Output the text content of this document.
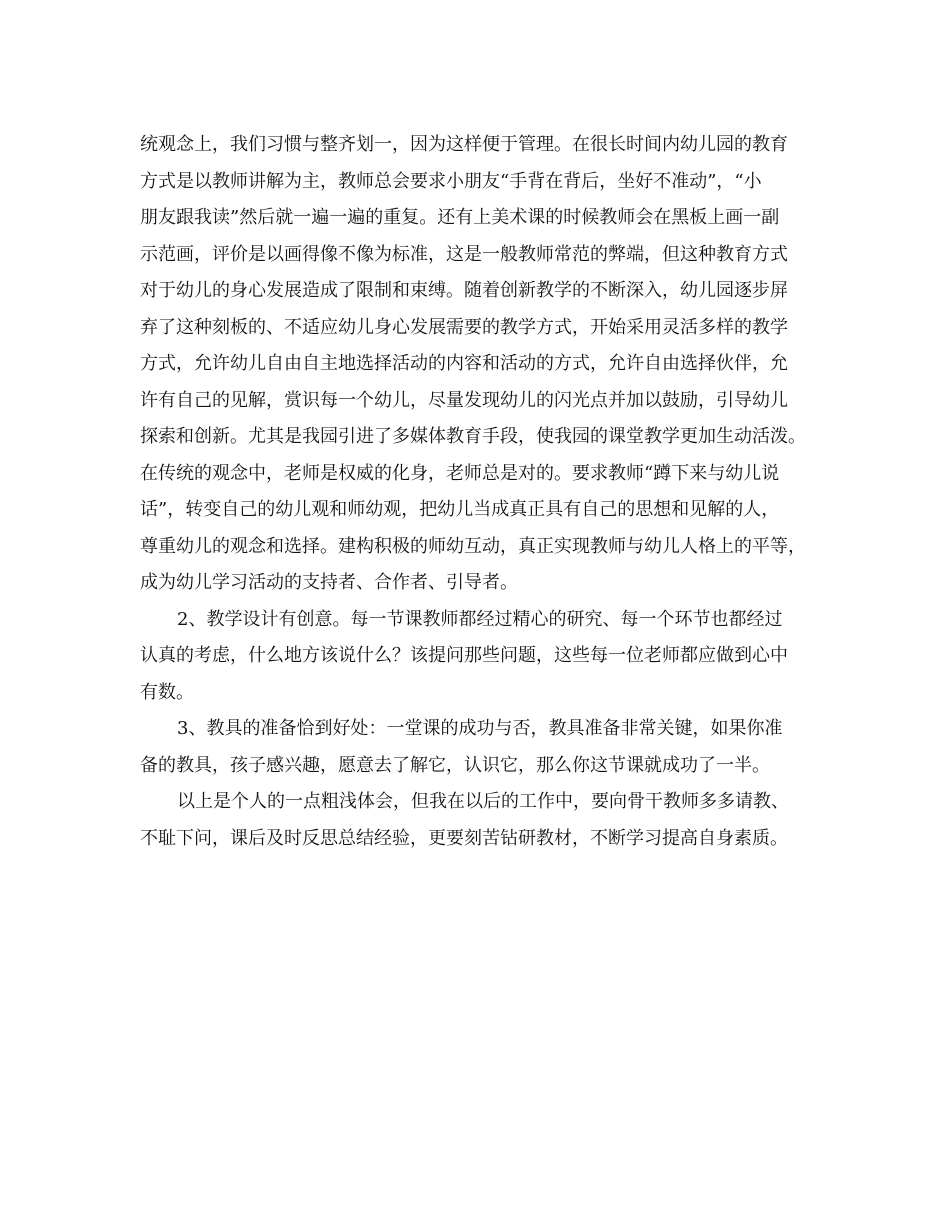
统观念上，我们习惯与整齐划一，因为这样便于管理。在很长时间内幼儿园的教育
方式是以教师讲解为主，教师总会要求小朋友“手背在背后，坐好不准动”，“小
朋友跟我读”然后就一遍一遍的重复。还有上美术课的时候教师会在黑板上画一副
示范画，评价是以画得像不像为标准，这是一般教师常范的弊端，但这种教育方式
对于幼儿的身心发展造成了限制和束缚。随着创新教学的不断深入，幼儿园逐步屏
弃了这种刻板的、不适应幼儿身心发展需要的教学方式，开始采用灵活多样的教学
方式，允许幼儿自由自主地选择活动的内容和活动的方式，允许自由选择伙伴，允
许有自己的见解，赏识每一个幼儿，尽量发现幼儿的闪光点并加以鼓励，引导幼儿
探索和创新。尤其是我园引进了多媒体教育手段，使我园的课堂教学更加生动活泼。
在传统的观念中，老师是权威的化身，老师总是对的。要求教师“蹲下来与幼儿说
话”，转变自己的幼儿观和师幼观，把幼儿当成真正具有自己的思想和见解的人，
尊重幼儿的观念和选择。建构积极的师幼互动，真正实现教师与幼儿人格上的平等，
成为幼儿学习活动的支持者、合作者、引导者。
2、教学设计有创意。每一节课教师都经过精心的研究、每一个环节也都经过
认真的考虑，什么地方该说什么？该提问那些问题，这些每一位老师都应做到心中
有数。
3、教具的准备恰到好处：一堂课的成功与否，教具准备非常关键，如果你准
备的教具，孩子感兴趣，愿意去了解它，认识它，那么你这节课就成功了一半。
以上是个人的一点粗浅体会，但我在以后的工作中，要向骨干教师多多请教、
不耻下问，课后及时反思总结经验，更要刻苦钻研教材，不断学习提高自身素质。
